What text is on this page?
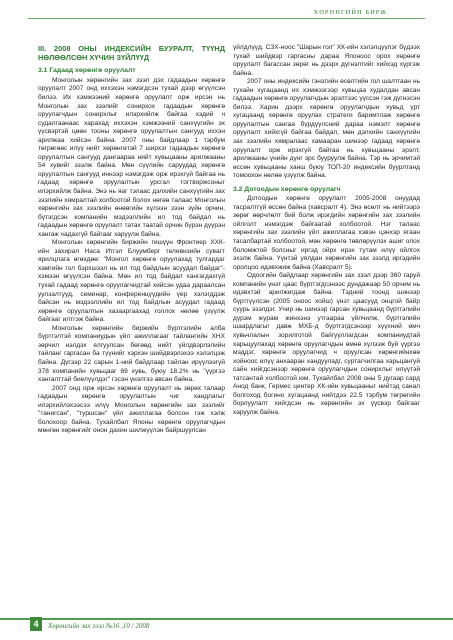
ХӨРӨНГИЙН БИРЖ
III. 2008 ОНЫ ИНДЕКСИЙН БУУРАЛТ, ТҮҮНД НӨЛӨӨЛСӨН ХҮЧИН ЗҮЙЛҮҮД
3.1 Гадаад хөрөнгө оруулалт

Монголын хөрөнгийн зах зээл дэх гадаадын хөрөнгө оруулалт 2007 онд иххэхэн нэмэгдсэн тухай дээр өгүүлсэн билээ. Их хэмжээний хөрөнгө оруулалт орж ирсэн нь Монголын зах зээлийг сонирхох гадаадын хөрөнгө оруулагчдын сонирхлыг илэрхийлж байгаа хэдий ч судалгаанаас харахад иххэхэн хэмжээний санхүүгийн эх үүсвэртэй цөөн тооны хөрөнгө оруулалтын сангууд иххэн арилжаа хийсэн байна. 2007 оны байдлаар 1 тэрбум төгрөгөөс илүү нийт хөрөнгөтэй 7 ширхэг гадаадын хөрөнгө оруулалтын сангууд дангаараа нийт хувьцааны арилжааны 54 хувийг эзэлж байна. Мөн сүүлийн саруудад хөрөнгө оруулалтын сангууд иннээр нэмэгдэж орж ирэхгүй байгаа нь гадаад хөрөнгө оруулалтын урсгал тогтворжсоныг илэрхийлж байна. Энэ нь яаг тэлаас дэлхийн санхүүгийн зах зээлийн хямралтай холбоотой болох нөгөө талаас Монголын хөрөнгийн зах зээлийн өнөөгийн хүлээн зээн зүйн орчин, бүтэгдсэн компанийн мэдээллийн ил тод байдал нь гадаадын хөрөнгө оруулалт татах таатай орчин бүрэн дүүрэн хангаж чадахгүй байгааг харуулж байна.

Монголын хөрөнгийн биржийн гишүүн Фронтиер ХХК-ийн захирал Наса Итгэл Блуумберг телевизийн сувагт ярилцлага өгөхдөө: "Монгол хөрөнгө оруулахад тулгардаг хамгийн гол бэрхшээл нь ил тод байдлын асуудал байдаг"-хэмээн өгүүлсэн байна. Мөн ил тод байдал хангагдахгүй тухай гадаад хөрөнгө оруулагчидтай хийсэн удаа дараалсан уулзалтууд, семинар, конференцүүдийн үер хэлэгддэж байсан нь мэдээллийн ил тод байдлын асуудал гадаад хөрөнгө оруулалтын хазааргаахад голлох нөлөө үзүүлж байгааг илтгэж байна.

Монголын хөрөнгийн биржийн бүртгэлийн алба бүртгэлтэй компаниудын үйл ажиллагааг тайлангийн ХНХ зөрчил нэлдэх ялгуулсан бөгөөд нийт үйлдвэрлэлийн тайланг гаргасан ба түүнийг хэрхэн шийдвэрлэхээ хэлэлцэж байна. Дүгээр 22 сарын 1-ний байдлаар тайлан ирүүлээгүй 378 компанийн хувьцааг 69 хувь, буюу 18.2% нь "үүргээ хангалттай биелүүлдэг" гэсэн үнэлгээ авсан байна.

2007 онд орж ирсэн хөрөнгө оруулалт нь зөрөх талаар гадаадын хөрөнгө оруулалтын чиг хандлагыг илэрхийлэхээсээ илүү Монголын хөрөнгийн зах зээлийг "танигсан", "туршсан" үйл ажиллагаа болсон гэж хэлж болохоор байна. Тухайлбал Японы хөрөнгө оруулагчдын мөнгөн хөрөнгийг онон дахин шилжүүлэн байршуулсан

үйлдлүүд. СЗХ-ноос "Шарын гол" ХК-ийн хэлэлцүүлэг бүдээх тухай шийдвэр гаргасны дараа Японоос орох хөрөнгө оруулалт багассан зөрөг нь дээрх дүгнэлтийг хийхэд хүргэж байна.

2007 оны индексийн гэнэтийн өсөлтийн гол шалтгаан нь тухайн хугацаанд их хэмжээгээр хувьцаа худалдан авсан гадаадын хөрөнгө оруулагчдын эрэлтээс үүссэн гэж дүгнэсэн билээ. Харин дээрх хөрөнгө оруулагчдын хувьд үрт хугацаанд хөрөнгө оруулах стратеги баримтлаж хөрөнгө оруулалтын сангаа бүрдүүлсний дараа нэмэлт хөрөнгө оруулалт хийхгүй байгаа байдал, мөн дэлхийн санхүүгийн зах зээлийн хямралаас хамааран шинээр гадаад хөрөнгө оруулалт орж ирэхгүй байгаа нь хувьцааны эрэлт, арилжааны үнийн дүнг эрс бууруулж байна. Тэр нь эрчимтэй өссөн хувьцааны ханш буюу ТОП-20 индексийн буурлтанд томоохон нөлөө үзүүлж байна.

3.2 Дотоодын хөрөнгө оруулагч

Дотоодын хөрөнгө оруулалт 2005-2008 онуудад тасралтгүй өссөн байна (хавсралт 4). Энэ өсөлт нь нийтээрэ зөрөг өөрчлөлт бий болж ирэгдийн хөрөнгийн зах зээлийн ойлголт нэмэгдэж байгаатай холбоотой. Нэг талаас хөрөнгийн зах зээлийн үйл ажиллагаа хэвэн цэнхэр ягаан тасалбартай холбоотой, мөн хөрөнгө төвлөрүүлэх ашиг олох боломжтой болсныг иргэд ойрх ирэх тутам илүү ойлгох эхэлж байна. Үүнтэй уялдан хөрөнгийн зах зээлд иргэдийн оролцоо идэвхжиж байна (Хавсралт 5).

Одоогийн байдлаар хөрөнгийн зах зээл дээр 360 гаруй компанийн үнэт цаас бүртгэгдсэнээс дундажаар 50 орчим нь идэвхтэй арилжигдаж байна. Тэдний тоонд шинээр бүртгүүлсэн (2005 оноос хойш) үнэт цаасууд онцгой байр суурь эзэлдэг. Учир нь шинээр гарсан хувьцаанд бүртгэлийн дүрэм журам жинхэнэ утгаараа үйлчилж, бүртгэлийн шаардлагыг давж МХБ-д бүртгэгдсэнээр хүүхний өмч хувьчлалын зорилготой байгууллагдсан компаниудтай харьцуулахад хөрөнгө оруулагчдын өмнө хүлээж буй үүргээ мэддэг, хөрөнгө оруулагчид ч оруулсан хөрөнгийнхөө хойноос илүү анхааран хандууладг, суртагчилгаа харьцангуй сайн хийгдсэнээр хөрөнгө оруулагчдын сонирхлыг илүүтэй татсантай холбоотой юм. Тухайлбал 2008 оны 5 дугаар сард Анод банк, Гермес центер ХК-ийн хувьцааныг нийтэд санал болгоход богино хугацаанд нийтдээ 22.5 тэрбум төгрөгийн борлуулалт хийгдсэн нь хөрөнгийн эх үүсвэр байгааг харуулж байна.

4	Хөрөнгийн зах зээл №16 ,10 / 2008
